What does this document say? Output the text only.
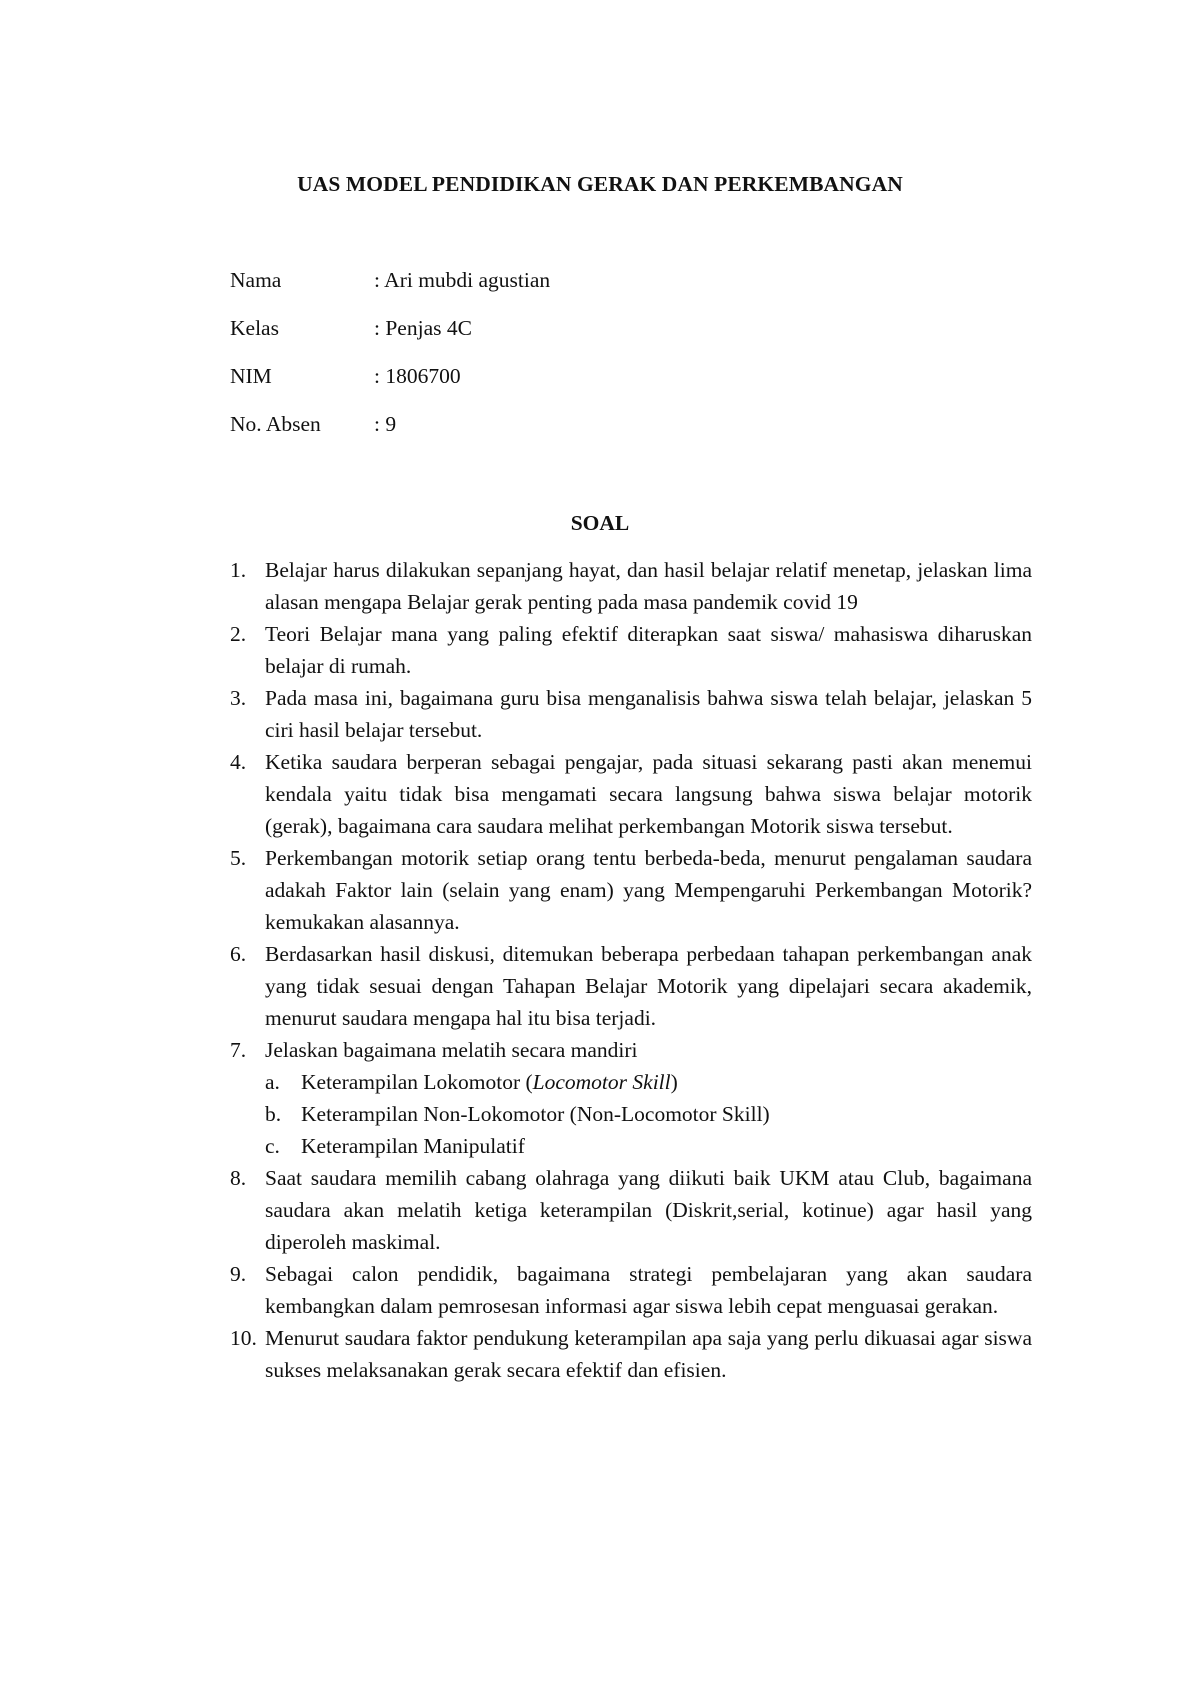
UAS MODEL PENDIDIKAN GERAK DAN PERKEMBANGAN
Nama	: Ari mubdi agustian
Kelas	: Penjas 4C
NIM	: 1806700
No. Absen : 9
SOAL
1. Belajar harus dilakukan sepanjang hayat, dan hasil belajar relatif menetap, jelaskan lima alasan mengapa Belajar gerak penting pada masa pandemik covid 19
2. Teori Belajar mana yang paling efektif diterapkan saat siswa/ mahasiswa diharuskan belajar di rumah.
3. Pada masa ini, bagaimana guru bisa menganalisis bahwa siswa telah belajar, jelaskan 5 ciri hasil belajar tersebut.
4. Ketika saudara berperan sebagai pengajar, pada situasi sekarang pasti akan menemui kendala yaitu tidak bisa mengamati secara langsung bahwa siswa belajar motorik (gerak), bagaimana cara saudara melihat perkembangan Motorik siswa tersebut.
5. Perkembangan motorik setiap orang tentu berbeda-beda, menurut pengalaman saudara adakah Faktor lain (selain yang enam) yang Mempengaruhi Perkembangan Motorik? kemukakan alasannya.
6. Berdasarkan hasil diskusi, ditemukan beberapa perbedaan tahapan perkembangan anak yang tidak sesuai dengan Tahapan Belajar Motorik yang dipelajari secara akademik, menurut saudara mengapa hal itu bisa terjadi.
7. Jelaskan bagaimana melatih secara mandiri
a. Keterampilan Lokomotor (Locomotor Skill)
b. Keterampilan Non-Lokomotor (Non-Locomotor Skill)
c. Keterampilan Manipulatif
8. Saat saudara memilih cabang olahraga yang diikuti baik UKM atau Club, bagaimana saudara akan melatih ketiga keterampilan (Diskrit,serial, kotinue) agar hasil yang diperoleh maskimal.
9. Sebagai calon pendidik, bagaimana strategi pembelajaran yang akan saudara kembangkan dalam pemrosesan informasi agar siswa lebih cepat menguasai gerakan.
10. Menurut saudara faktor pendukung keterampilan apa saja yang perlu dikuasai agar siswa sukses melaksanakan gerak secara efektif dan efisien.
